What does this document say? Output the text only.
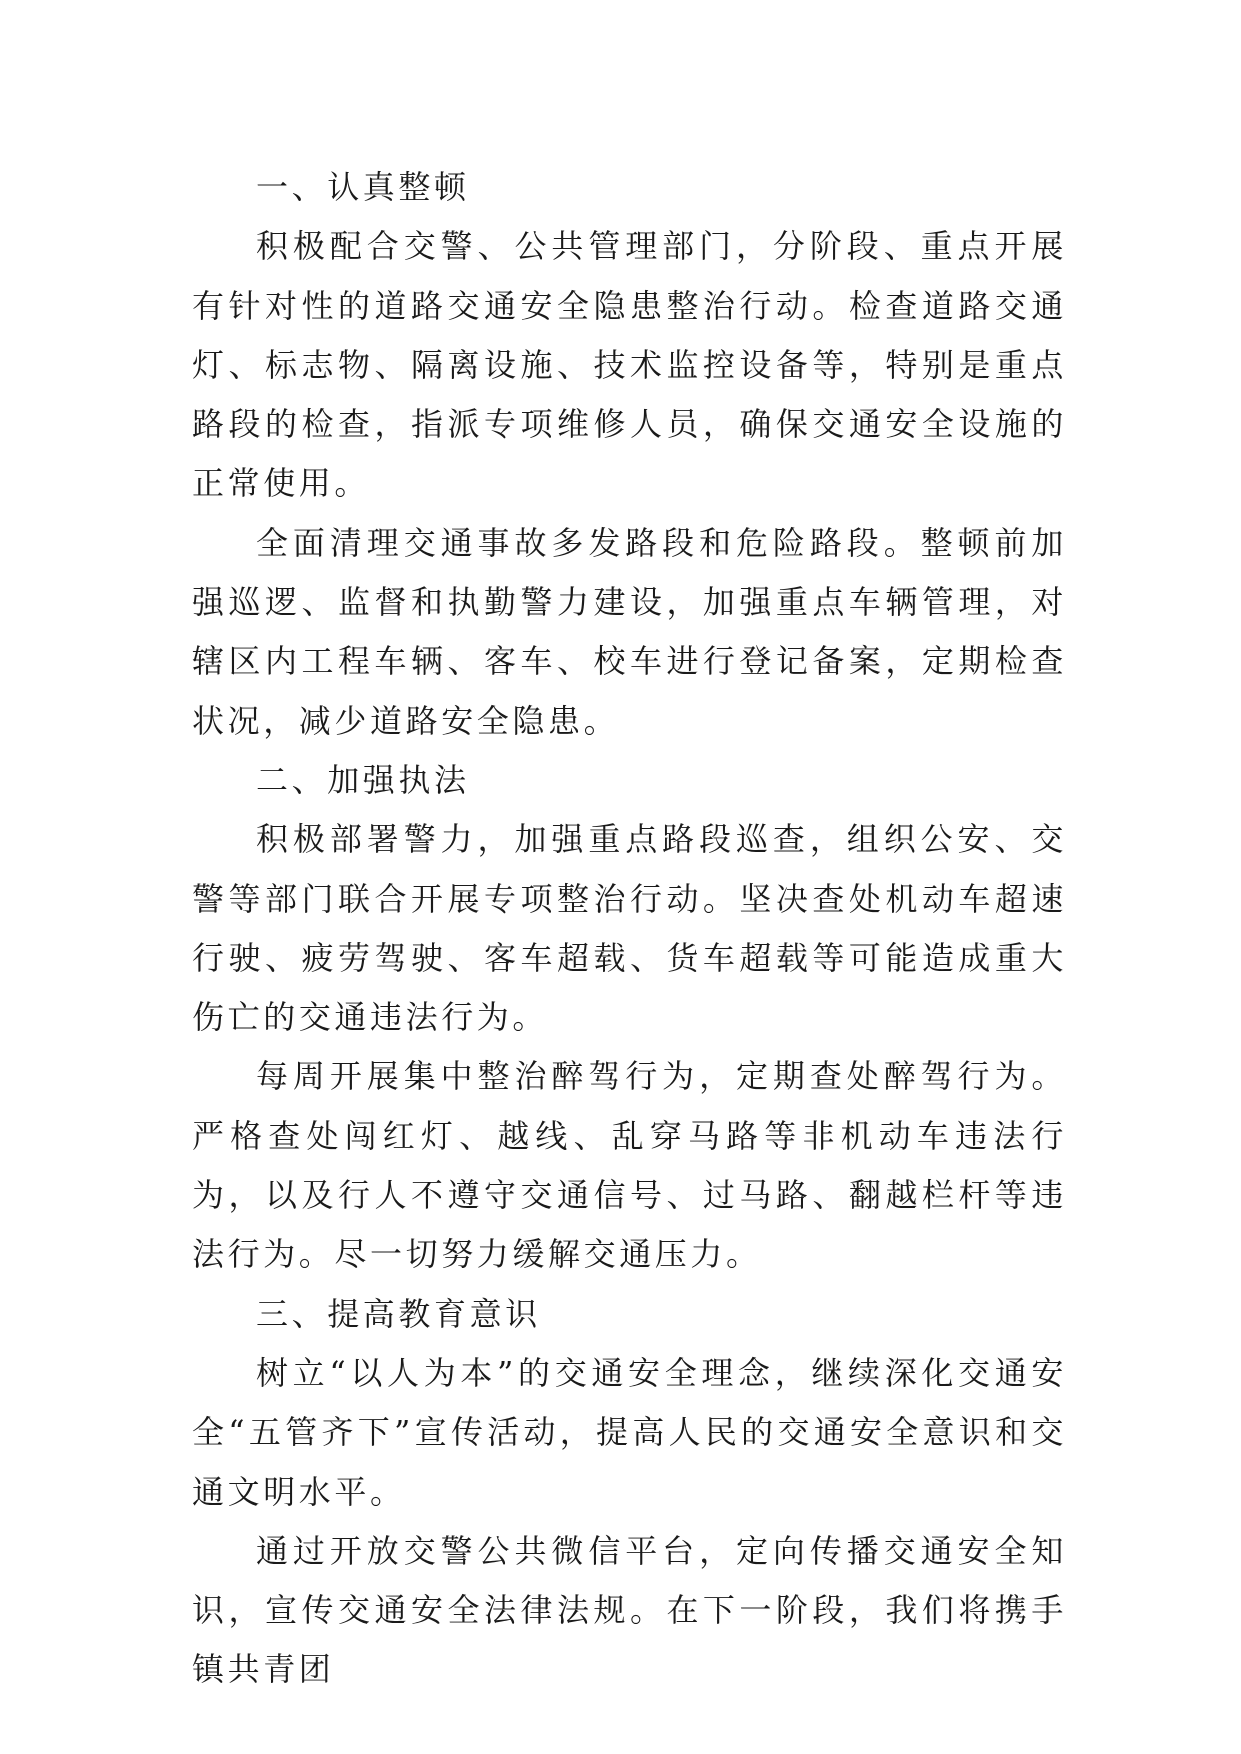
一、认真整顿

积极配合交警、公共管理部门，分阶段、重点开展有针对性的道路交通安全隐患整治行动。检查道路交通灯、标志物、隔离设施、技术监控设备等，特别是重点路段的检查，指派专项维修人员，确保交通安全设施的正常使用。

全面清理交通事故多发路段和危险路段。整顿前加强巡逻、监督和执勤警力建设，加强重点车辆管理，对辖区内工程车辆、客车、校车进行登记备案，定期检查状况，减少道路安全隐患。

二、加强执法

积极部署警力，加强重点路段巡查，组织公安、交警等部门联合开展专项整治行动。坚决查处机动车超速行驶、疲劳驾驶、客车超载、货车超载等可能造成重大伤亡的交通违法行为。

每周开展集中整治醉驾行为，定期查处醉驾行为。严格查处闯红灯、越线、乱穿马路等非机动车违法行为，以及行人不遵守交通信号、过马路、翻越栏杆等违法行为。尽一切努力缓解交通压力。

三、提高教育意识

树立“以人为本”的交通安全理念，继续深化交通安全“五管齐下”宣传活动，提高人民的交通安全意识和交通文明水平。

通过开放交警公共微信平台，定向传播交通安全知识，宣传交通安全法律法规。在下一阶段，我们将携手镇共青团
